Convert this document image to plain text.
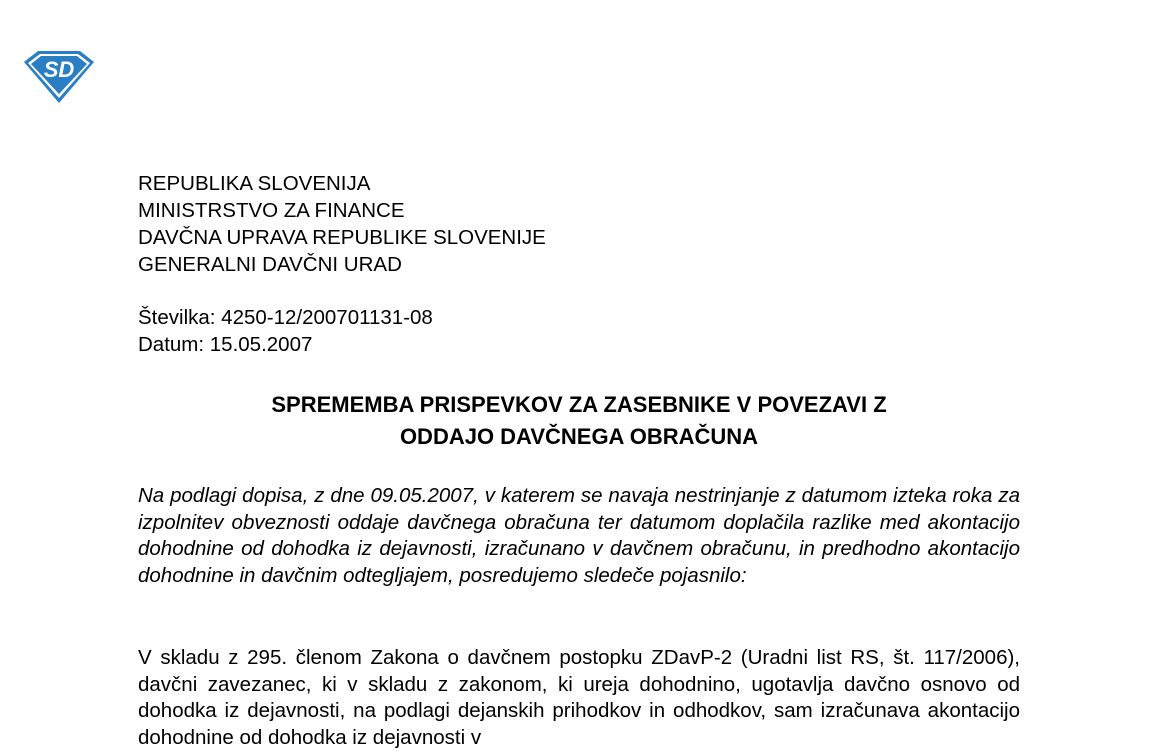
SD
REPUBLIKA SLOVENIJA
MINISTRSTVO ZA FINANCE
DAVČNA UPRAVA REPUBLIKE SLOVENIJE
GENERALNI DAVČNI URAD
Številka: 4250-12/200701131-08
Datum: 15.05.2007
SPREMEMBA PRISPEVKOV ZA ZASEBNIKE V POVEZAVI Z
ODDAJO DAVČNEGA OBRAČUNA

Na podlagi dopisa, z dne 09.05.2007, v katerem se navaja nestrinjanje z datumom izteka roka za izpolnitev obveznosti oddaje davčnega obračuna ter datumom doplačila razlike med akontacijo dohodnine od dohodka iz dejavnosti, izračunano v davčnem obračunu, in predhodno akontacijo dohodnine in davčnim odtegljajem, posredujemo sledeče pojasnilo:

V skladu z 295. členom Zakona o davčnem postopku ZDavP-2 (Uradni list RS, št. 117/2006), davčni zavezanec, ki v skladu z zakonom, ki ureja dohodnino, ugotavlja davčno osnovo od dohodka iz dejavnosti, na podlagi dejanskih prihodkov in odhodkov, sam izračunava akontacijo dohodnine od dohodka iz dejavnosti v
